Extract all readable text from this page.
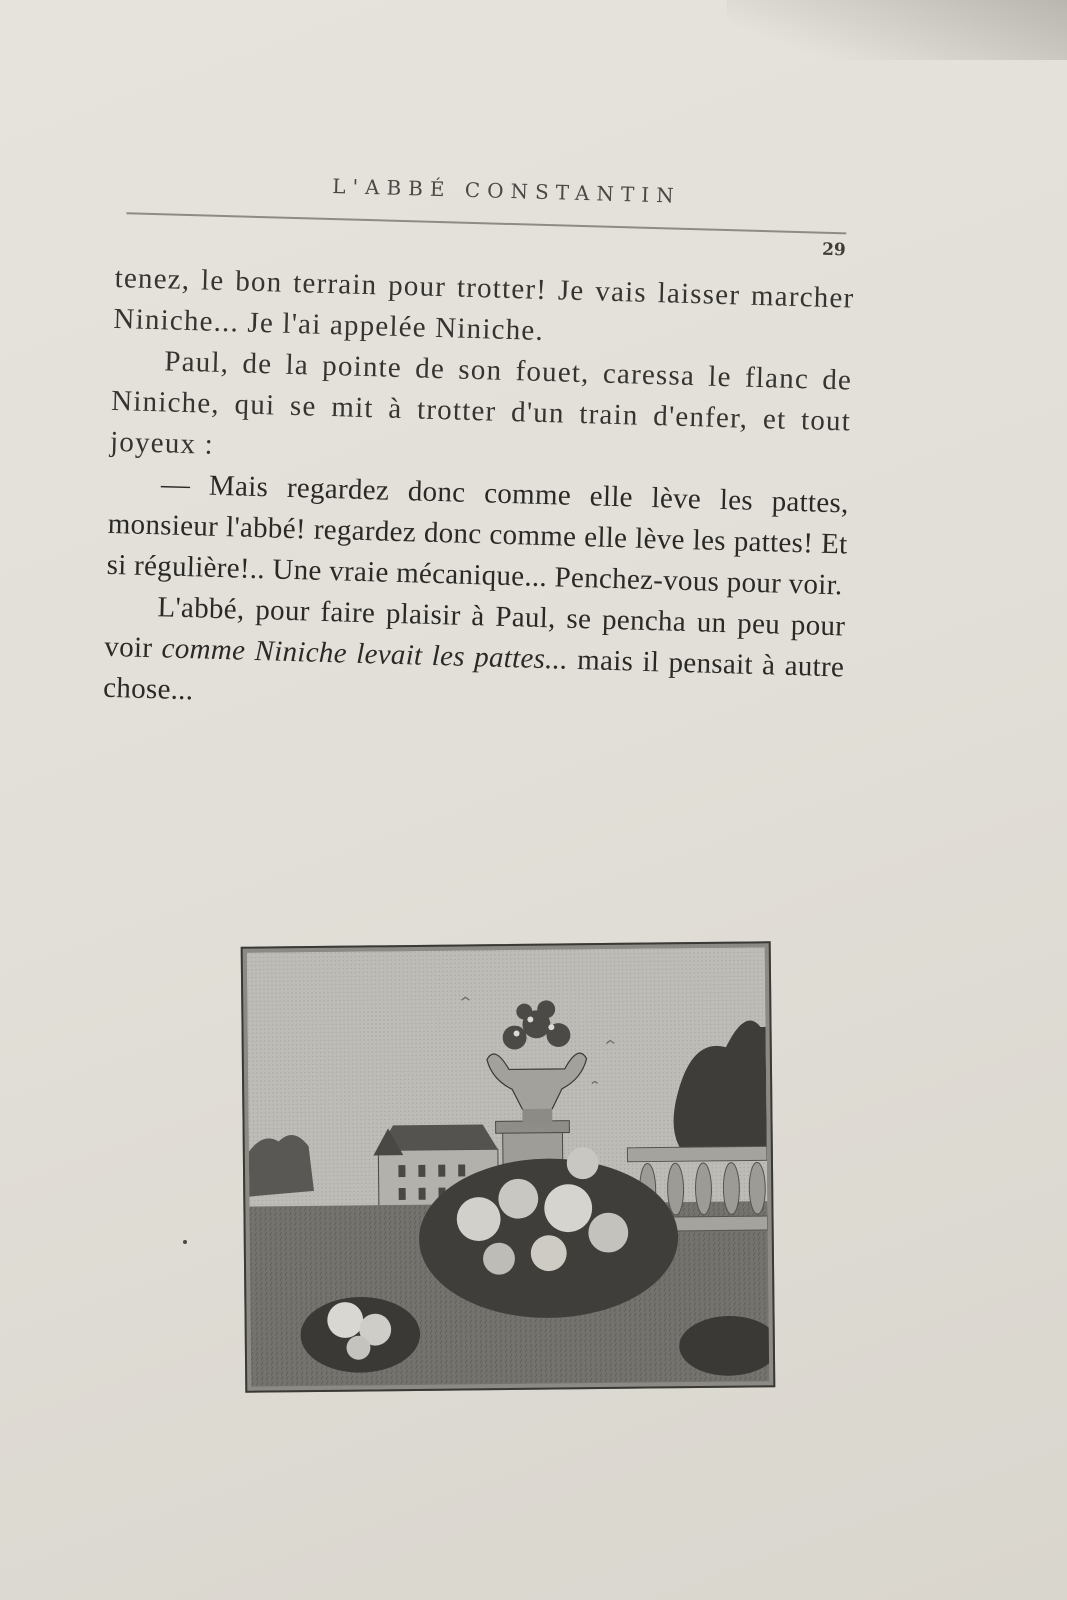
L'ABBÉ CONSTANTIN
29

tenez, le bon terrain pour trotter! Je vais laisser marcher Niniche... Je l'ai appelée Niniche.

Paul, de la pointe de son fouet, caressa le flanc de Niniche, qui se mit à trotter d'un train d'enfer, et tout joyeux :

— Mais regardez donc comme elle lève les pattes, monsieur l'abbé! regardez donc comme elle lève les pattes! Et si régulière!.. Une vraie mécanique... Penchez-vous pour voir.

L'abbé, pour faire plaisir à Paul, se pencha un peu pour voir comme Niniche levait les pattes... mais il pensait à autre chose...
